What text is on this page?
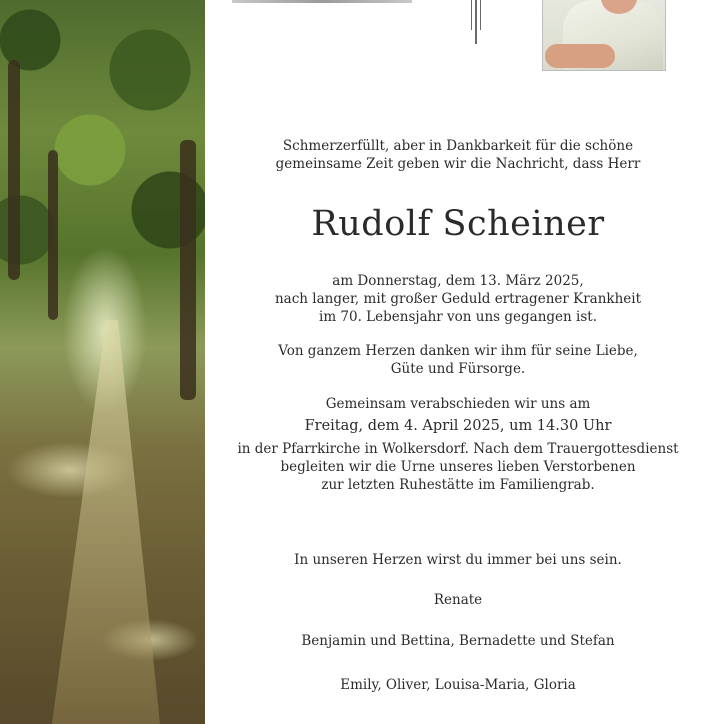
Schmerzerfüllt, aber in Dankbarkeit für die schöne
gemeinsame Zeit geben wir die Nachricht, dass Herr
Rudolf Scheiner
am Donnerstag, dem 13. März 2025,
nach langer, mit großer Geduld ertragener Krankheit
im 70. Lebensjahr von uns gegangen ist.
Von ganzem Herzen danken wir ihm für seine Liebe,
Güte und Fürsorge.
Gemeinsam verabschieden wir uns am
Freitag, dem 4. April 2025, um 14.30 Uhr
in der Pfarrkirche in Wolkersdorf. Nach dem Trauergottesdienst
begleiten wir die Urne unseres lieben Verstorbenen
zur letzten Ruhestätte im Familiengrab.
In unseren Herzen wirst du immer bei uns sein.
Renate
Benjamin und Bettina, Bernadette und Stefan
Emily, Oliver, Louisa-Maria, Gloria
